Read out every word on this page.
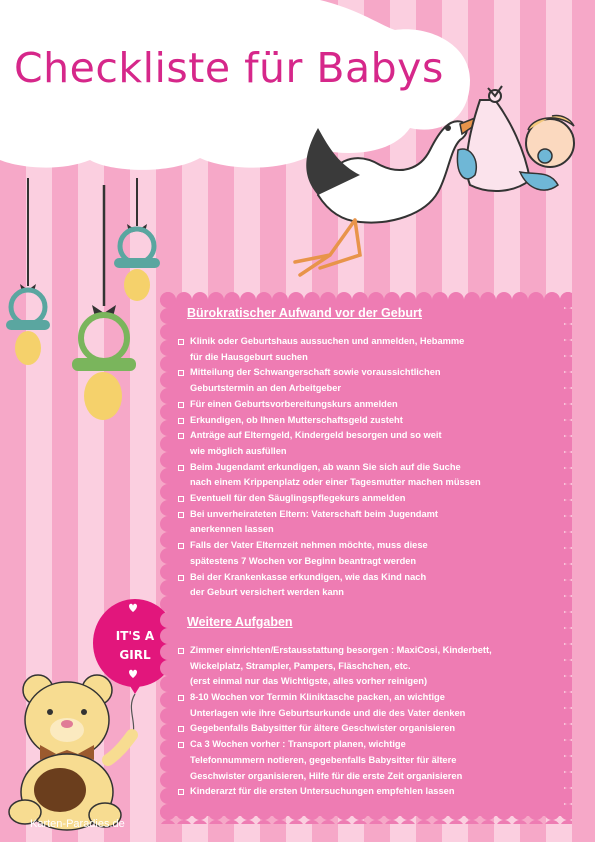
Checkliste für Babys
Bürokratischer Aufwand vor der Geburt
Klinik oder Geburtshaus aussuchen und anmelden, Hebamme
für die Hausgeburt suchen
Mitteilung der Schwangerschaft sowie voraussichtlichen
Geburtstermin an den Arbeitgeber
Für einen Geburtsvorbereitungskurs anmelden
Erkundigen, ob Ihnen Mutterschaftsgeld zusteht
Anträge auf Elterngeld, Kindergeld besorgen und so weit
wie möglich ausfüllen
Beim Jugendamt erkundigen, ab wann Sie sich auf die Suche
nach einem Krippenplatz oder einer Tagesmutter machen müssen
Eventuell für den Säuglingspflegekurs anmelden
Bei unverheirateten Eltern: Vaterschaft beim Jugendamt
anerkennen lassen
Falls der Vater Elternzeit nehmen möchte, muss diese
spätestens 7 Wochen vor Beginn beantragt werden
Bei der Krankenkasse erkundigen, wie das Kind nach
der Geburt versichert werden kann
Weitere Aufgaben
Zimmer einrichten/Erstausstattung besorgen : MaxiCosi, Kinderbett,
Wickelplatz, Strampler, Pampers, Fläschchen, etc.
(erst einmal nur das Wichtigste, alles vorher reinigen)
8-10 Wochen vor Termin Kliniktasche packen, an wichtige
Unterlagen wie ihre Geburtsurkunde und die des Vater denken
Gegebenfalls Babysitter für ältere Geschwister organisieren
Ca 3 Wochen vorher : Transport planen, wichtige
Telefonnummern notieren, gegebenfalls Babysitter für ältere
Geschwister organisieren, Hilfe für die erste Zeit organisieren
Kinderarzt für die ersten Untersuchungen empfehlen lassen
IT'S A
GIRL
Karten-Paradies.de
